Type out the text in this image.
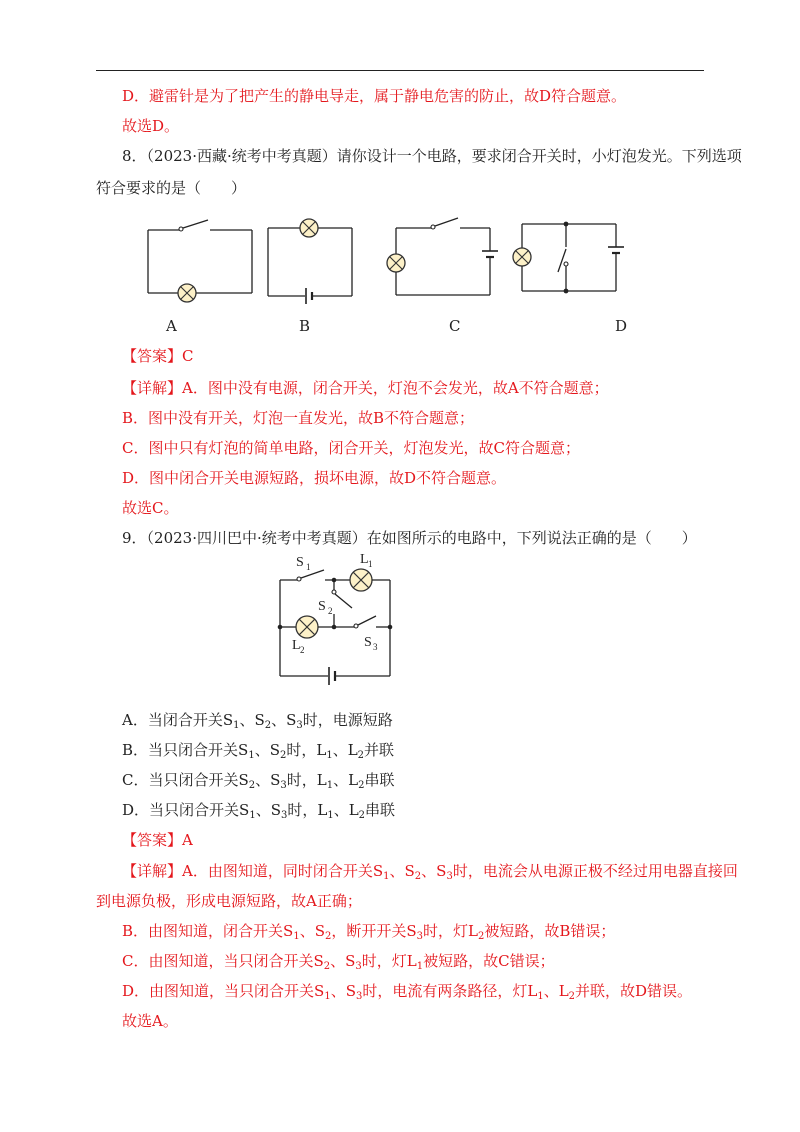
D．避雷针是为了把产生的静电导走，属于静电危害的防止，故D符合题意。
故选D。
8．（2023·西藏·统考中考真题）请你设计一个电路，要求闭合开关时，小灯泡发光。下列选项
符合要求的是（　　）
A	B	C	D
【答案】C
【详解】A．图中没有电源，闭合开关，灯泡不会发光，故A不符合题意；
B．图中没有开关，灯泡一直发光，故B不符合题意；
C．图中只有灯泡的简单电路，闭合开关，灯泡发光，故C符合题意；
D．图中闭合开关电源短路，损坏电源，故D不符合题意。
故选C。
9．（2023·四川巴中·统考中考真题）在如图所示的电路中，下列说法正确的是（　　）
S 1	L 1
S 2
L 2	S 3
A．当闭合开关$S_1$、$S_2$、$S_3$时，电源短路
B．当只闭合开关$S_1$、$S_2$时，$L_1$、$L_2$并联
C．当只闭合开关$S_2$、$S_3$时，$L_1$、$L_2$串联
D．当只闭合开关$S_1$、$S_3$时，$L_1$、$L_2$串联
【答案】A
【详解】A．由图知道，同时闭合开关$S_1$、$S_2$、$S_3$时，电流会从电源正极不经过用电器直接回
到电源负极，形成电源短路，故A正确；
B．由图知道，闭合开关$S_1$、$S_2$，断开开关$S_3$时，灯$L_2$被短路，故B错误；
C．由图知道，当只闭合开关$S_2$、$S_3$时，灯$L_1$被短路，故C错误；
D．由图知道，当只闭合开关$S_1$、$S_3$时，电流有两条路径，灯$L_1$、$L_2$并联，故D错误。
故选A。
